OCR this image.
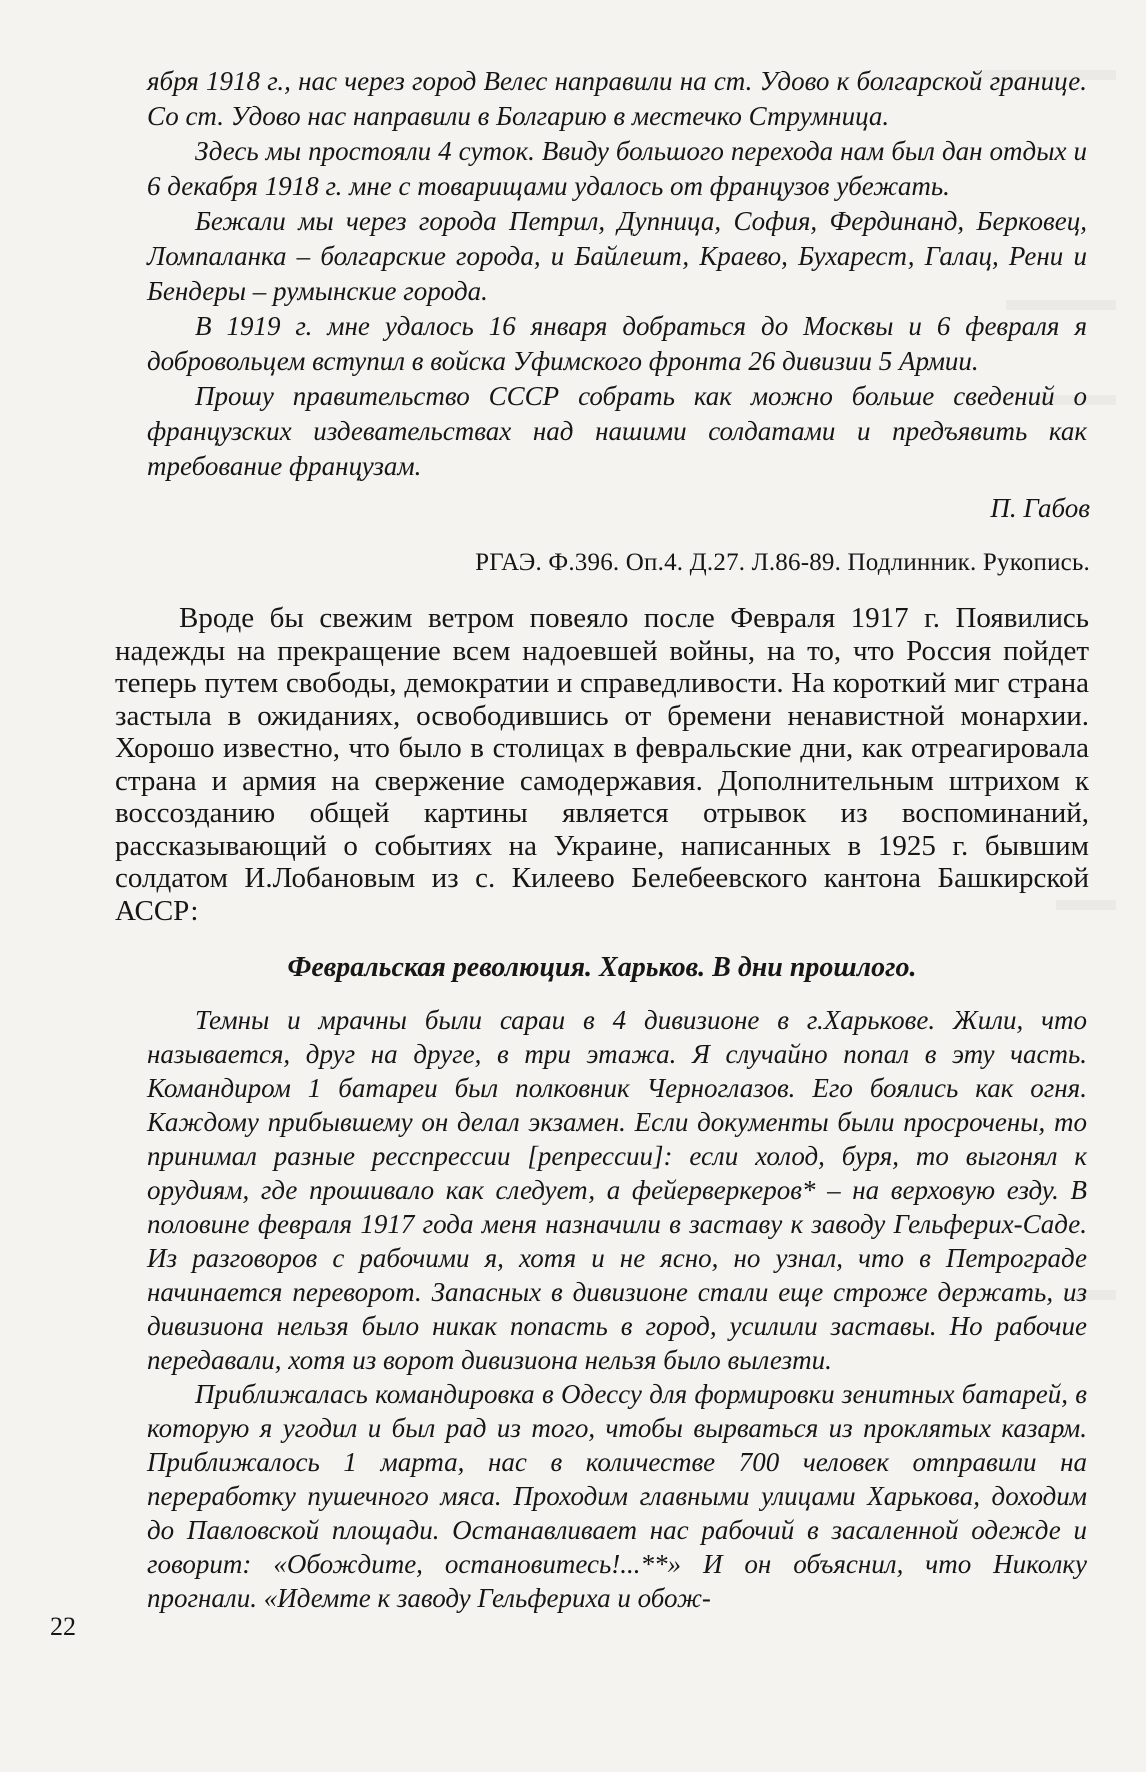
ября 1918 г., нас через город Велес направили на ст. Удово к болгарской границе. Со ст. Удово нас направили в Болгарию в местечко Струмница.

Здесь мы простояли 4 суток. Ввиду большого перехода нам был дан отдых и 6 декабря 1918 г. мне с товарищами удалось от французов убежать.

Бежали мы через города Петрил, Дупница, София, Фердинанд, Берковец, Ломпаланка – болгарские города, и Байлешт, Краево, Бухарест, Галац, Рени и Бендеры – румынские города.

В 1919 г. мне удалось 16 января добраться до Москвы и 6 февраля я добровольцем вступил в войска Уфимского фронта 26 дивизии 5 Армии.

Прошу правительство СССР собрать как можно больше сведений о французских издевательствах над нашими солдатами и предъявить как требование французам.

П. Габов
РГАЭ. Ф.396. Оп.4. Д.27. Л.86-89. Подлинник. Рукопись.

Вроде бы свежим ветром повеяло после Февраля 1917 г. Появились надежды на прекращение всем надоевшей войны, на то, что Россия пойдет теперь путем свободы, демократии и справедливости. На короткий миг страна застыла в ожиданиях, освободившись от бремени ненавистной монархии. Хорошо известно, что было в столицах в февральские дни, как отреагировала страна и армия на свержение самодержавия. Дополнительным штрихом к воссозданию общей картины является отрывок из воспоминаний, рассказывающий о событиях на Украине, написанных в 1925 г. бывшим солдатом И.Лобановым из с. Килеево Белебеевского кантона Башкирской АССР:

Февральская революция. Харьков. В дни прошлого.

Темны и мрачны были сараи в 4 дивизионе в г.Харькове. Жили, что называется, друг на друге, в три этажа. Я случайно попал в эту часть. Командиром 1 батареи был полковник Черноглазов. Его боялись как огня. Каждому прибывшему он делал экзамен. Если документы были просрочены, то принимал разные ресспрессии [репрессии]: если холод, буря, то выгонял к орудиям, где прошивало как следует, а фейерверкеров* – на верховую езду. В половине февраля 1917 года меня назначили в заставу к заводу Гельферих-Саде. Из разговоров с рабочими я, хотя и не ясно, но узнал, что в Петрограде начинается переворот. Запасных в дивизионе стали еще строже держать, из дивизиона нельзя было никак попасть в город, усилили заставы. Но рабочие передавали, хотя из ворот дивизиона нельзя было вылезти.

Приближалась командировка в Одессу для формировки зенитных батарей, в которую я угодил и был рад из того, чтобы вырваться из проклятых казарм. Приближалось 1 марта, нас в количестве 700 человек отправили на переработку пушечного мяса. Проходим главными улицами Харькова, доходим до Павловской площади. Останавливает нас рабочий в засаленной одежде и говорит: «Обождите, остановитесь!...**» И он объяснил, что Николку прогнали. «Идемте к заводу Гельфериха и обож-

22
